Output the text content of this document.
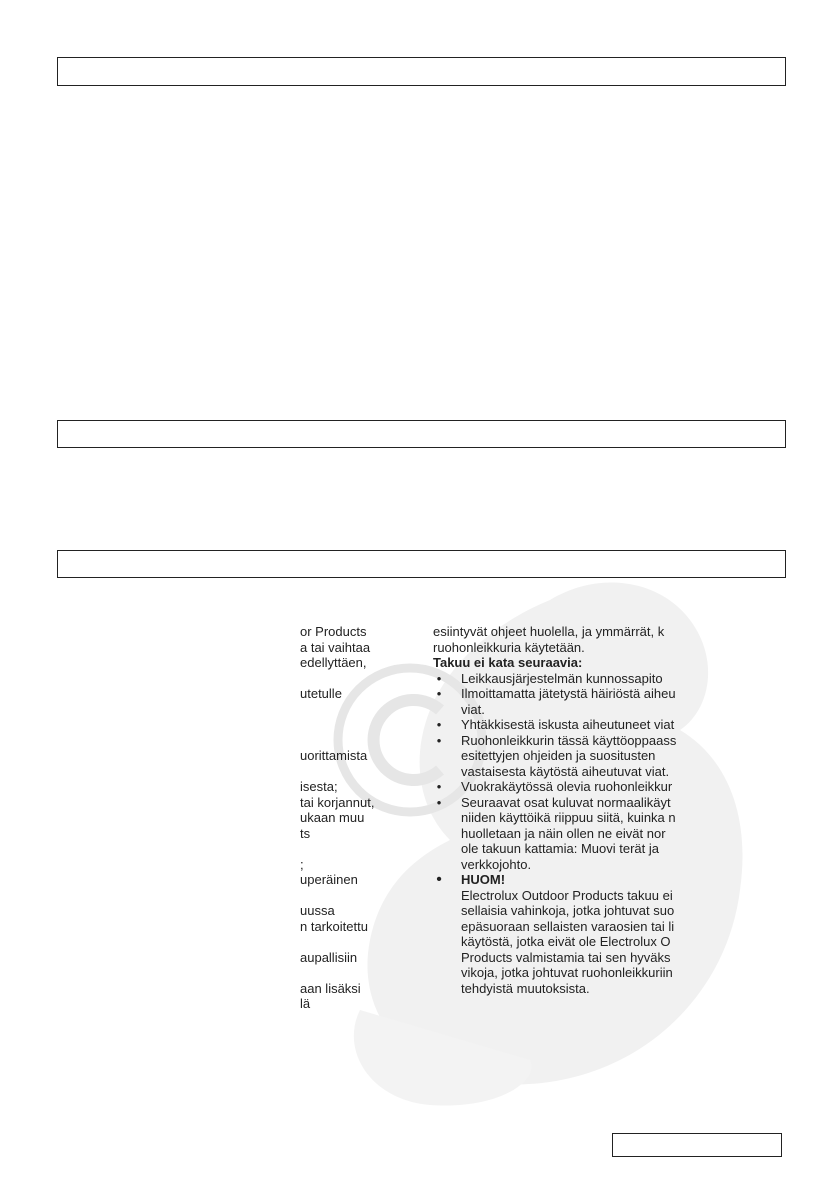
or Products
a tai vaihtaa
edellyttäen,
utetulle
uorittamista
isesta;
tai korjannut,
ukaan muu
ts
;
uperäinen
uussa
n tarkoitettu
aupallisiin
aan lisäksi
lä
esiintyvät ohjeet huolella, ja ymmärrät, k
ruohonleikkuria käytetään.
Takuu ei kata seuraavia:
• Leikkausjärjestelmän kunnossapito
• Ilmoittamatta jätetystä häiriöstä aiheu
viat.
• Yhtäkkisestä iskusta aiheutuneet viat
• Ruohonleikkurin tässä käyttöoppaass
esitettyjen ohjeiden ja suositusten
vastaisesta käytöstä aiheutuvat viat.
• Vuokrakäytössä olevia ruohonleikkur
• Seuraavat osat kuluvat normaalikäyt
niiden käyttöikä riippuu siitä, kuinka n
huolletaan ja näin ollen ne eivät nor
ole takuun kattamia: Muovi terät ja
verkkojohto.
• HUOM!
Electrolux Outdoor Products takuu ei
sellaisia vahinkoja, jotka johtuvat suo
epäsuoraan sellaisten varaosien tai li
käytöstä, jotka eivät ole Electrolux O
Products valmistamia tai sen hyväks
vikoja, jotka johtuvat ruohonleikkuriin
tehdyistä muutoksista.
